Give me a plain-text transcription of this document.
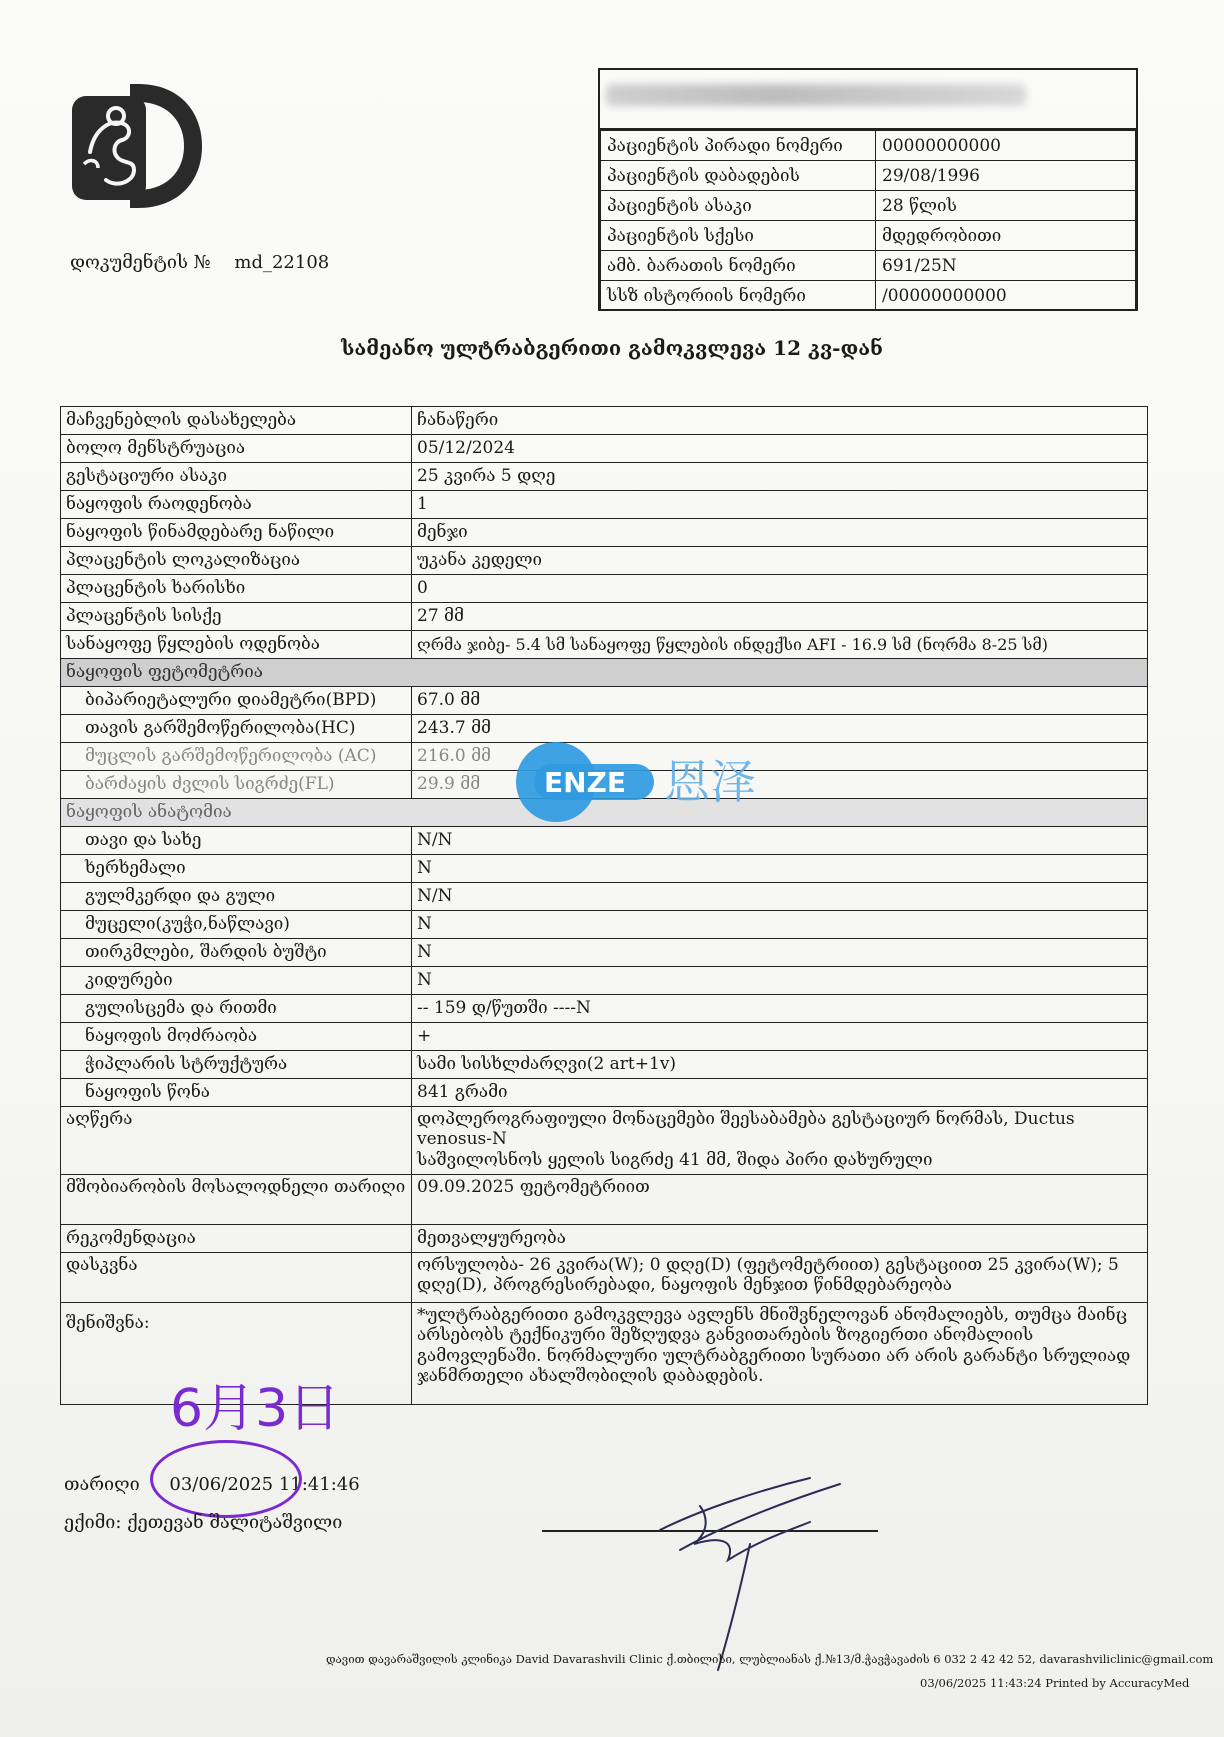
დოკუმენტის № md_22108
პაციენტის პირადი ნომერი	00000000000
პაციენტის დაბადების	29/08/1996
პაციენტის ასაკი	28 წლის
პაციენტის სქესი	მდედრობითი
ამბ. ბარათის ნომერი	691/25N
სსზ ისტორიის ნომერი	/00000000000
სამეანო ულტრაბგერითი გამოკვლევა 12 კვ-დან
მაჩვენებლის დასახელება	ჩანაწერი
ბოლო მენსტრუაცია	05/12/2024
გესტაციური ასაკი	25 კვირა 5 დღე
ნაყოფის რაოდენობა	1
ნაყოფის წინამდებარე ნაწილი	მენჯი
პლაცენტის ლოკალიზაცია	უკანა კედელი
პლაცენტის ხარისხი	0
პლაცენტის სისქე	27 მმ
სანაყოფე წყლების ოდენობა	ღრმა ჯიბე- 5.4 სმ სანაყოფე წყლების ინდექსი AFI - 16.9 სმ (ნორმა 8-25 სმ)
ნაყოფის ფეტომეტრია	
ბიპარიეტალური დიამეტრი(BPD)	67.0 მმ
თავის გარშემოწერილობა(HC)	243.7 მმ
მუცლის გარშემოწერილობა (AC)	216.0 მმ
ბარძაყის ძვლის სიგრძე(FL)	29.9 მმ
ნაყოფის ანატომია	
თავი და სახე	N/N
ხერხემალი	N
გულმკერდი და გული	N/N
მუცელი(კუჭი,ნაწლავი)	N
თირკმლები, შარდის ბუშტი	N
კიდურები	N
გულისცემა და რითმი	-- 159 დ/წუთში ----N
ნაყოფის მოძრაობა	+
ჭიპლარის სტრუქტურა	სამი სისხლძარღვი(2 art+1v)
ნაყოფის წონა	841 გრამი
აღწერა	დოპლეროგრაფიული მონაცემები შეესაბამება გესტაციურ ნორმას, Ductus venosus-N
საშვილოსნოს ყელის სიგრძე 41 მმ, შიდა პირი დახურული

მშობიარობის მოსალოდნელი თარიღი	09.09.2025 ფეტომეტრიით
რეკომენდაცია	მეთვალყურეობა
დასკვნა	ორსულობა- 26 კვირა(W); 0 დღე(D) (ფეტომეტრიით) გესტაციით 25 კვირა(W); 5 დღე(D), პროგრესირებადი, ნაყოფის მენჯით წინმდებარეობა
შენიშვნა:	*ულტრაბგერითი გამოკვლევა ავლენს მნიშვნელოვან ანომალიებს, თუმცა მაინც არსებობს ტექნიკური შეზღუდვა განვითარების ზოგიერთი ანომალიის გამოვლენაში. ნორმალური ულტრაბგერითი სურათი არ არის გარანტი სრულიად ჯანმრთელი ახალშობილის დაბადების.
ENZE 恩泽
6月3日
თარიღი 03/06/2025 11:41:46
ექიმი: ქეთევან შალიტაშვილი
დავით დავარაშვილის კლინიკა David Davarashvili Clinic ქ.თბილისი, ლუბლიანას ქ.№13/მ.ჭავჭავაძის 6 032 2 42 42 52, davarashviliclinic@gmail.com
03/06/2025 11:43:24 Printed by AccuracyMed
